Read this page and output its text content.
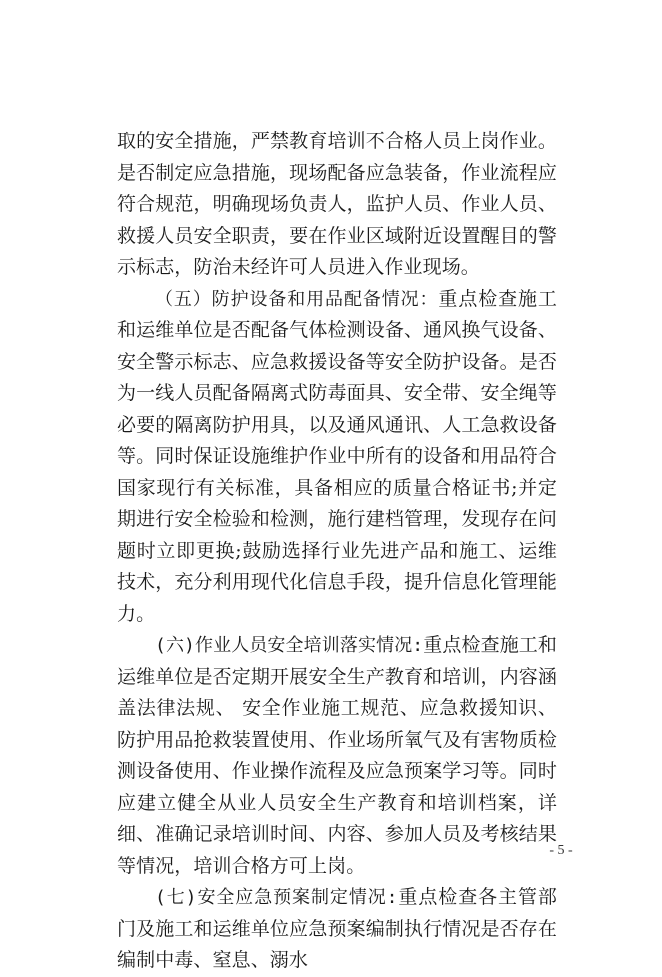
取的安全措施，严禁教育培训不合格人员上岗作业。是否制定应急措施，现场配备应急装备，作业流程应符合规范，明确现场负责人，监护人员、作业人员、救援人员安全职责，要在作业区域附近设置醒目的警示标志，防治未经许可人员进入作业现场。

（五）防护设备和用品配备情况：重点检查施工和运维单位是否配备气体检测设备、通风换气设备、安全警示标志、应急救援设备等安全防护设备。是否为一线人员配备隔离式防毒面具、安全带、安全绳等必要的隔离防护用具，以及通风通讯、人工急救设备等。同时保证设施维护作业中所有的设备和用品符合国家现行有关标准，具备相应的质量合格证书;并定期进行安全检验和检测，施行建档管理，发现存在问题时立即更换;鼓励选择行业先进产品和施工、运维技术，充分利用现代化信息手段，提升信息化管理能力。

(六)作业人员安全培训落实情况:重点检查施工和运维单位是否定期开展安全生产教育和培训，内容涵盖法律法规、 安全作业施工规范、应急救援知识、防护用品抢救装置使用、作业场所氧气及有害物质检测设备使用、作业操作流程及应急预案学习等。同时应建立健全从业人员安全生产教育和培训档案，详细、准确记录培训时间、内容、参加人员及考核结果等情况，培训合格方可上岗。

(七)安全应急预案制定情况:重点检查各主管部门及施工和运维单位应急预案编制执行情况是否存在编制中毒、窒息、溺水

- 5 -
